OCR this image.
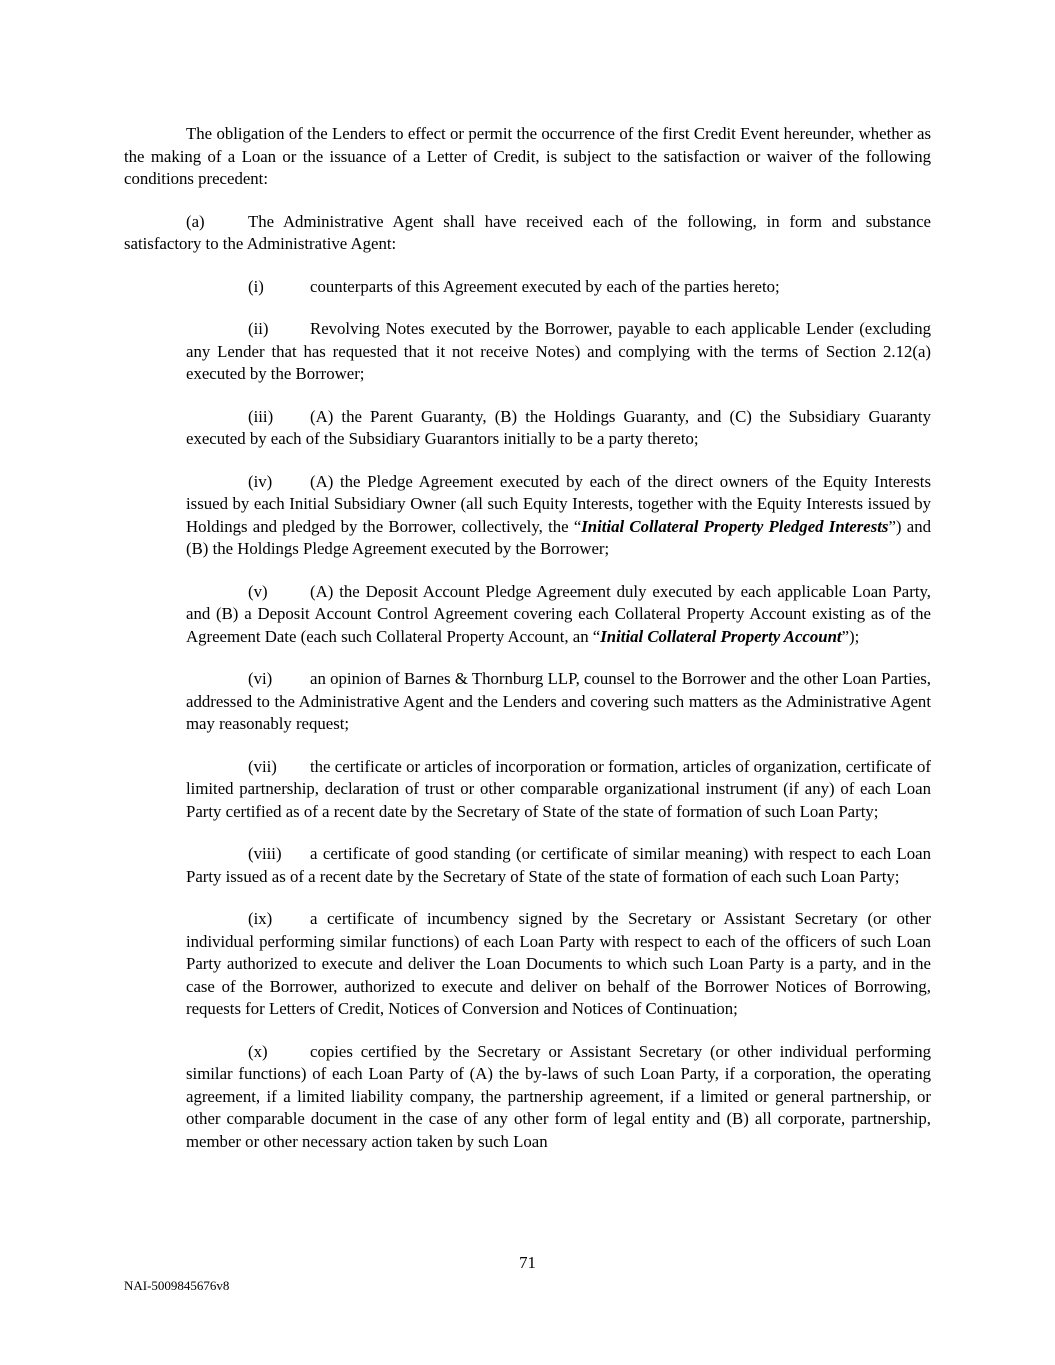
The obligation of the Lenders to effect or permit the occurrence of the first Credit Event hereunder, whether as the making of a Loan or the issuance of a Letter of Credit, is subject to the satisfaction or waiver of the following conditions precedent:

(a)	The Administrative Agent shall have received each of the following, in form and substance satisfactory to the Administrative Agent:

(i)	counterparts of this Agreement executed by each of the parties hereto;

(ii) Revolving Notes executed by the Borrower, payable to each applicable Lender (excluding any Lender that has requested that it not receive Notes) and complying with the terms of Section 2.12(a) executed by the Borrower;

(iii) (A) the Parent Guaranty, (B) the Holdings Guaranty, and (C) the Subsidiary Guaranty executed by each of the Subsidiary Guarantors initially to be a party thereto;

(iv) (A) the Pledge Agreement executed by each of the direct owners of the Equity Interests issued by each Initial Subsidiary Owner (all such Equity Interests, together with the Equity Interests issued by Holdings and pledged by the Borrower, collectively, the “Initial Collateral Property Pledged Interests”) and (B) the Holdings Pledge Agreement executed by the Borrower;

(v)	(A) the Deposit Account Pledge Agreement duly executed by each applicable Loan Party, and (B) a Deposit Account Control Agreement covering each Collateral Property Account existing as of the Agreement Date (each such Collateral Property Account, an “Initial Collateral Property Account”);

(vi) an opinion of Barnes & Thornburg LLP, counsel to the Borrower and the other Loan Parties, addressed to the Administrative Agent and the Lenders and covering such matters as the Administrative Agent may reasonably request;

(vii) the certificate or articles of incorporation or formation, articles of organization, certificate of limited partnership, declaration of trust or other comparable organizational instrument (if any) of each Loan Party certified as of a recent date by the Secretary of State of the state of formation of such Loan Party;

(viii) a certificate of good standing (or certificate of similar meaning) with respect to each Loan Party issued as of a recent date by the Secretary of State of the state of formation of each such Loan Party;

(ix) a certificate of incumbency signed by the Secretary or Assistant Secretary (or other individual performing similar functions) of each Loan Party with respect to each of the officers of such Loan Party authorized to execute and deliver the Loan Documents to which such Loan Party is a party, and in the case of the Borrower, authorized to execute and deliver on behalf of the Borrower Notices of Borrowing, requests for Letters of Credit, Notices of Conversion and Notices of Continuation;

(x)	copies certified by the Secretary or Assistant Secretary (or other individual performing similar functions) of each Loan Party of (A) the by-laws of such Loan Party, if a corporation, the operating agreement, if a limited liability company, the partnership agreement, if a limited or general partnership, or other comparable document in the case of any other form of legal entity and (B) all corporate, partnership, member or other necessary action taken by such Loan

71
NAI-5009845676v8
